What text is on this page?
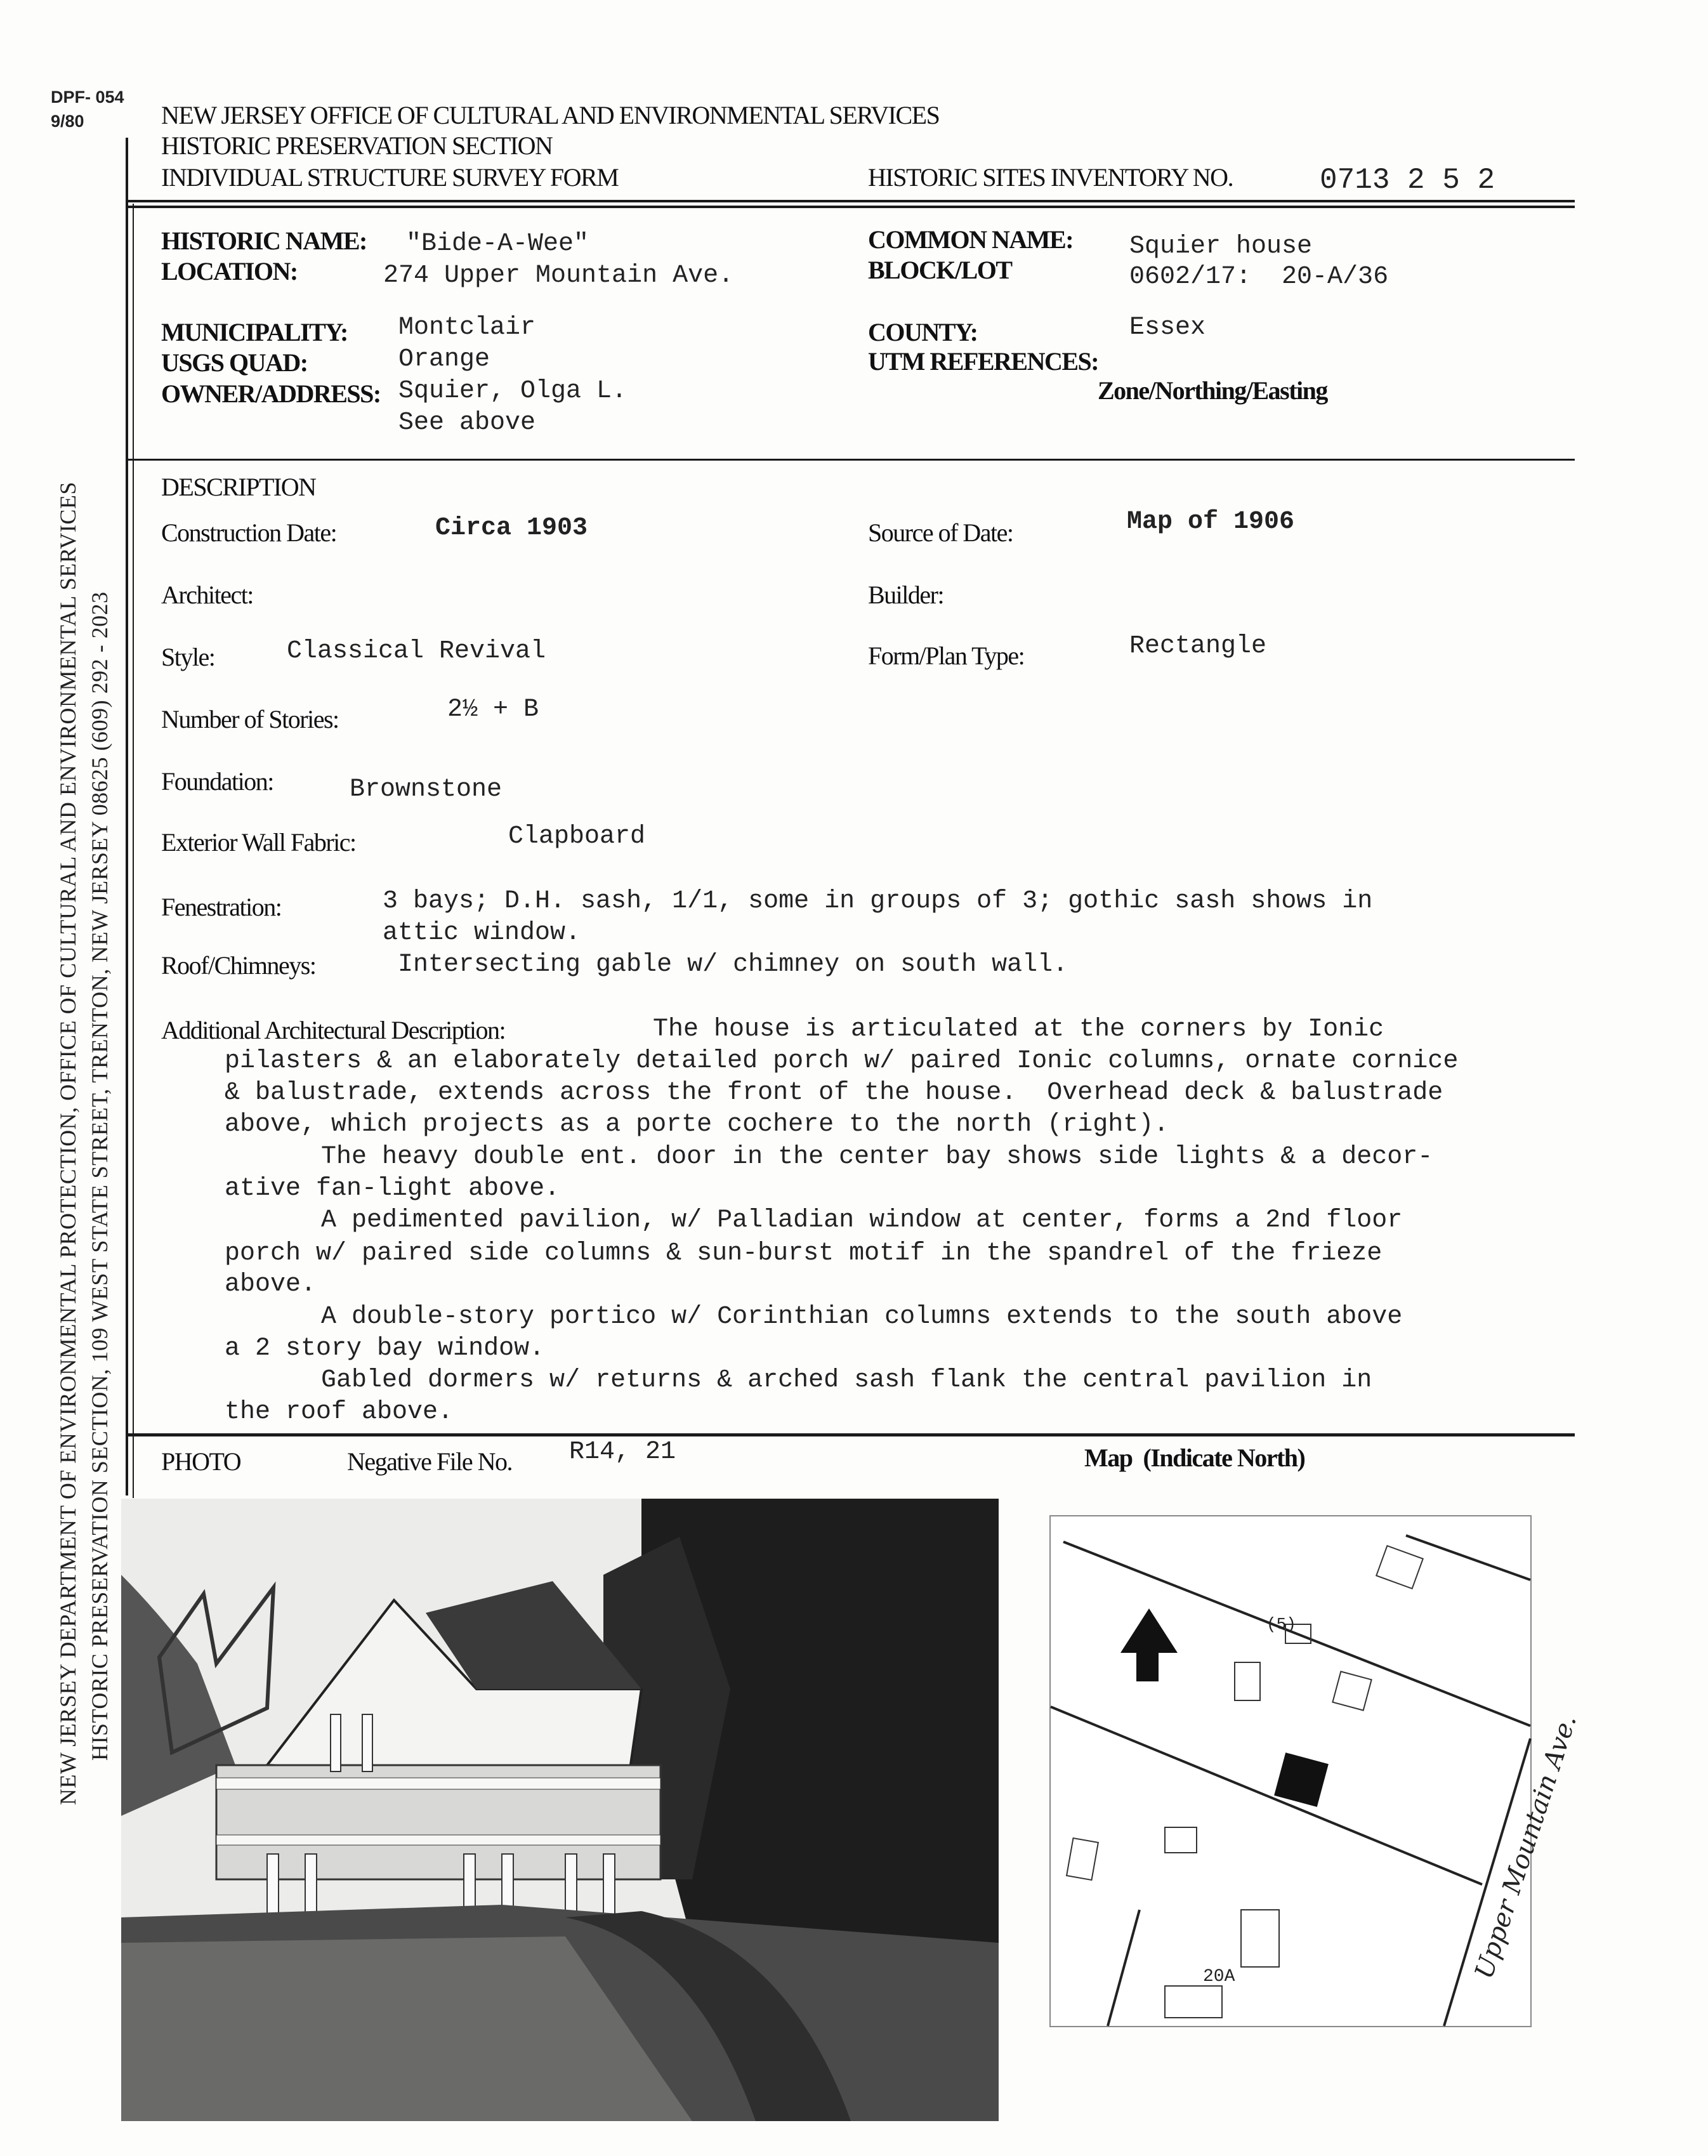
DPF- 054
9/80	NEW JERSEY OFFICE OF CULTURAL AND ENVIRONMENTAL SERVICES
HISTORIC PRESERVATION SECTION
INDIVIDUAL STRUCTURE SURVEY FORM	HISTORIC SITES INVENTORY NO.	0713 2 5 2
NEW JERSEY DEPARTMENT OF ENVIRONMENTAL PROTECTION, OFFICE OF CULTURAL AND ENVIRONMENTAL SERVICES HISTORIC PRESERVATION SECTION, 109 WEST STATE STREET, TRENTON, NEW JERSEY 08625 (609) 292 - 2023
HISTORIC NAME: "Bide-A-Wee"
LOCATION:	274 Upper Mountain Ave.
COMMON NAME: Squier house
BLOCK/LOT	0602/17:  20-A/36
MUNICIPALITY: Montclair
USGS QUAD:	Orange
OWNER/ADDRESS: Squier, Olga L.
See above
COUNTY:	Essex
UTM REFERENCES:
Zone/Northing/Easting
DESCRIPTION
Construction Date:	Circa 1903	Source of Date:	Map of 1906
Architect:	Builder:
Style:	Classical Revival	Form/Plan Type:	Rectangle
Number of Stories:	2½ + B
Foundation:	Brownstone
Exterior Wall Fabric:	Clapboard
Fenestration:	3 bays; D.H. sash, 1/1, some in groups of 3; gothic sash shows in
attic window.
Roof/Chimneys:	Intersecting gable w/ chimney on south wall.
Additional Architectural Description:	The house is articulated at the corners by Ionic
pilasters & an elaborately detailed porch w/ paired Ionic columns, ornate cornice
& balustrade, extends across the front of the house.  Overhead deck & balustrade
above, which projects as a porte cochere to the north (right).
The heavy double ent. door in the center bay shows side lights & a decor-
ative fan-light above.
A pedimented pavilion, w/ Palladian window at center, forms a 2nd floor
porch w/ paired side columns & sun-burst motif in the spandrel of the frieze
above.
A double-story portico w/ Corinthian columns extends to the south above
a 2 story bay window.
Gabled dormers w/ returns & arched sash flank the central pavilion in
the roof above.
PHOTO	Negative File No. R14, 21	Map  (Indicate North)
(5)
20A	Upper Mountain Ave.
